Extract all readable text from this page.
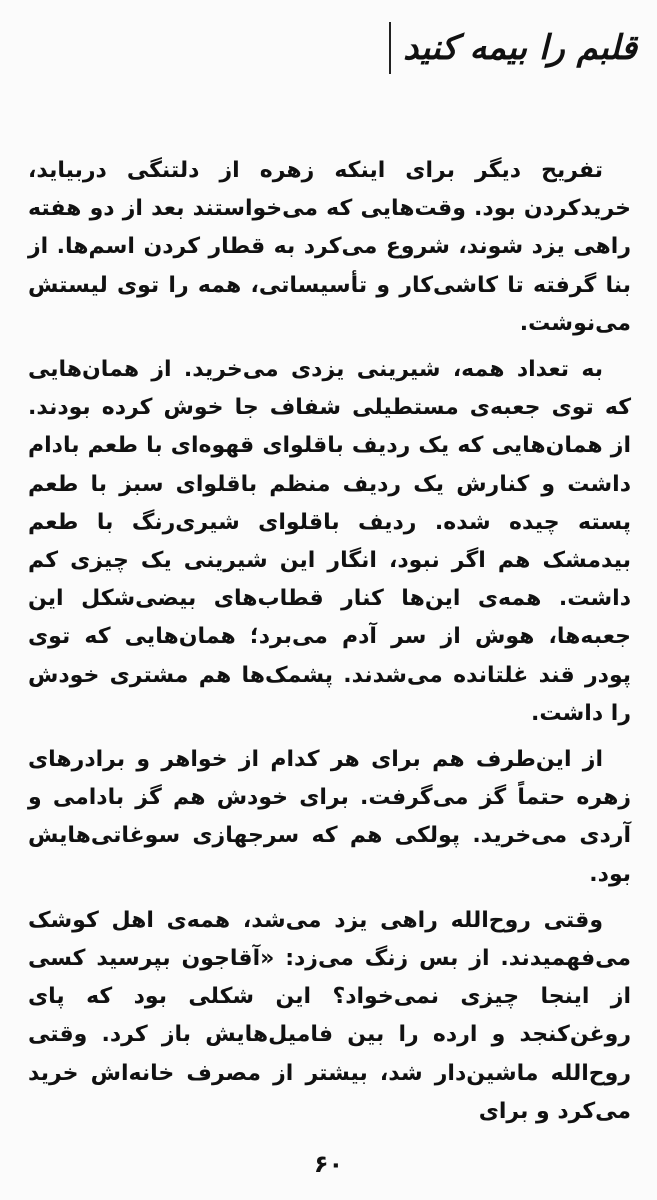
قلبم را بیمه کنید

تفریح دیگر برای اینکه زهره از دلتنگی دربیاید، خریدکردن بود. وقت‌هایی که می‌خواستند بعد از دو هفته راهی یزد شوند، شروع می‌کرد به قطار کردن اسم‌ها. از بنا گرفته تا کاشی‌کار و تأسیساتی، همه را توی لیستش می‌نوشت.

به تعداد همه، شیرینی یزدی می‌خرید. از همان‌هایی که توی جعبه‌ی مستطیلی شفاف جا خوش کرده بودند. از همان‌هایی که یک ردیف باقلوای قهوه‌ای با طعم بادام داشت و کنارش یک ردیف منظم باقلوای سبز با طعم پسته چیده شده. ردیف باقلوای شیری‌رنگ با طعم بیدمشک هم اگر نبود، انگار این شیرینی یک چیزی کم داشت. همه‌ی این‌ها کنار قطاب‌های بیضی‌شکل این جعبه‌ها، هوش از سر آدم می‌برد؛ همان‌هایی که توی پودر قند غلتانده می‌شدند. پشمک‌ها هم مشتری خودش را داشت.

از این‌طرف هم برای هر کدام از خواهر و برادرهای زهره حتماً گز می‌گرفت. برای خودش هم گز بادامی و آردی می‌خرید. پولکی هم که سرجهازی سوغاتی‌هایش بود.

وقتی روح‌الله راهی یزد می‌شد، همه‌ی اهل کوشک می‌فهمیدند. از بس زنگ می‌زد: «آقاجون بپرسید کسی از اینجا چیزی نمی‌خواد؟ این شکلی بود که پای روغن‌کنجد و ارده را بین فامیل‌هایش باز کرد. وقتی روح‌الله ماشین‌دار شد، بیشتر از مصرف خانه‌اش خرید می‌کرد و برای

۶۰
